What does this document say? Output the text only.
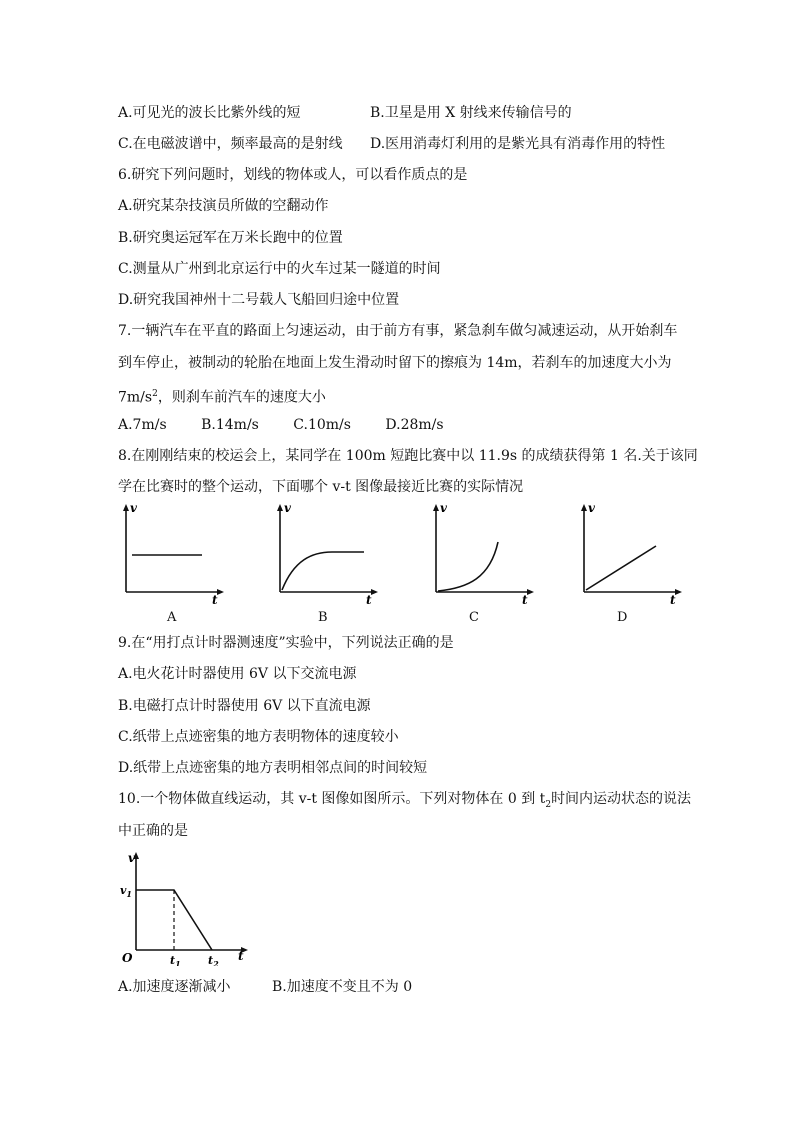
A.可见光的波长比紫外线的短	B.卫星是用 X 射线来传输信号的
C.在电磁波谱中，频率最高的是射线 D.医用消毒灯利用的是紫光具有消毒作用的特性
6.研究下列问题时，划线的物体或人，可以看作质点的是
A.研究某杂技演员所做的空翻动作
B.研究奥运冠军在万米长跑中的位置
C.测量从广州到北京运行中的火车过某一隧道的时间
D.研究我国神州十二号载人飞船回归途中位置
7.一辆汽车在平直的路面上匀速运动，由于前方有事，紧急刹车做匀减速运动，从开始刹车
到车停止，被制动的轮胎在地面上发生滑动时留下的擦痕为 14m，若刹车的加速度大小为
$7m/s^2$，则刹车前汽车的速度大小
A.7m/s B.14m/s C.10m/s D.28m/s
8.在刚刚结束的校运会上，某同学在 100m 短跑比赛中以 11.9s 的成绩获得第 1 名.关于该同
学在比赛时的整个运动，下面哪个 v-t 图像最接近比赛的实际情况
v
t
A
v
t
B
v
t
C
v
t
D
9.在“用打点计时器测速度”实验中，下列说法正确的是
A.电火花计时器使用 6V 以下交流电源
B.电磁打点计时器使用 6V 以下直流电源
C.纸带上点迹密集的地方表明物体的速度较小
D.纸带上点迹密集的地方表明相邻点间的时间较短
10.一个物体做直线运动，其 v-t 图像如图所示。下列对物体在 0 到 $t_2$时间内运动状态的说法
中正确的是
v
$v_1$
O	$t_1$ $t_2$
t
A.加速度逐渐减小	B.加速度不变且不为 0
